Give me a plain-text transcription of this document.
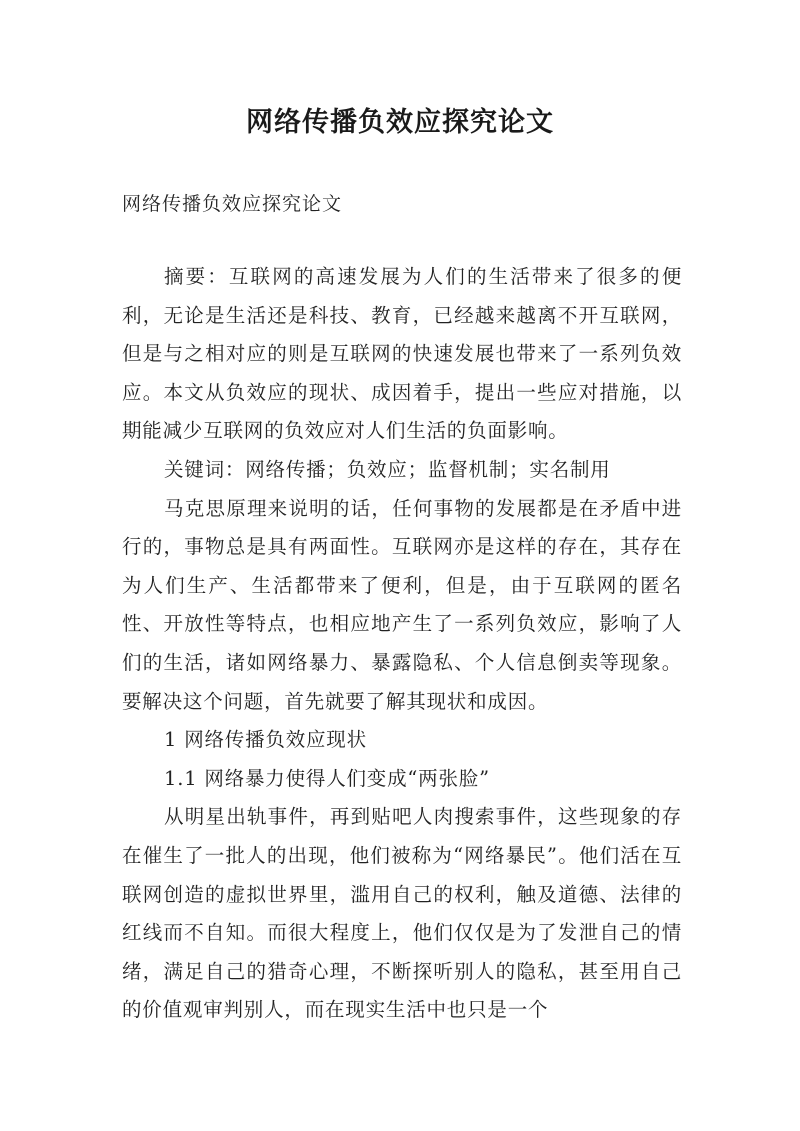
网络传播负效应探究论文

网络传播负效应探究论文

摘要：互联网的高速发展为人们的生活带来了很多的便利，无论是生活还是科技、教育，已经越来越离不开互联网，但是与之相对应的则是互联网的快速发展也带来了一系列负效应。本文从负效应的现状、成因着手，提出一些应对措施，以期能减少互联网的负效应对人们生活的负面影响。

关键词：网络传播；负效应；监督机制；实名制用

马克思原理来说明的话，任何事物的发展都是在矛盾中进行的，事物总是具有两面性。互联网亦是这样的存在，其存在为人们生产、生活都带来了便利，但是，由于互联网的匿名性、开放性等特点，也相应地产生了一系列负效应，影响了人们的生活，诸如网络暴力、暴露隐私、个人信息倒卖等现象。要解决这个问题，首先就要了解其现状和成因。

1 网络传播负效应现状

1.1 网络暴力使得人们变成“两张脸”

从明星出轨事件，再到贴吧人肉搜索事件，这些现象的存在催生了一批人的出现，他们被称为“网络暴民”。他们活在互联网创造的虚拟世界里，滥用自己的权利，触及道德、法律的红线而不自知。而很大程度上，他们仅仅是为了发泄自己的情绪，满足自己的猎奇心理，不断探听别人的隐私，甚至用自己的价值观审判别人，而在现实生活中也只是一个
